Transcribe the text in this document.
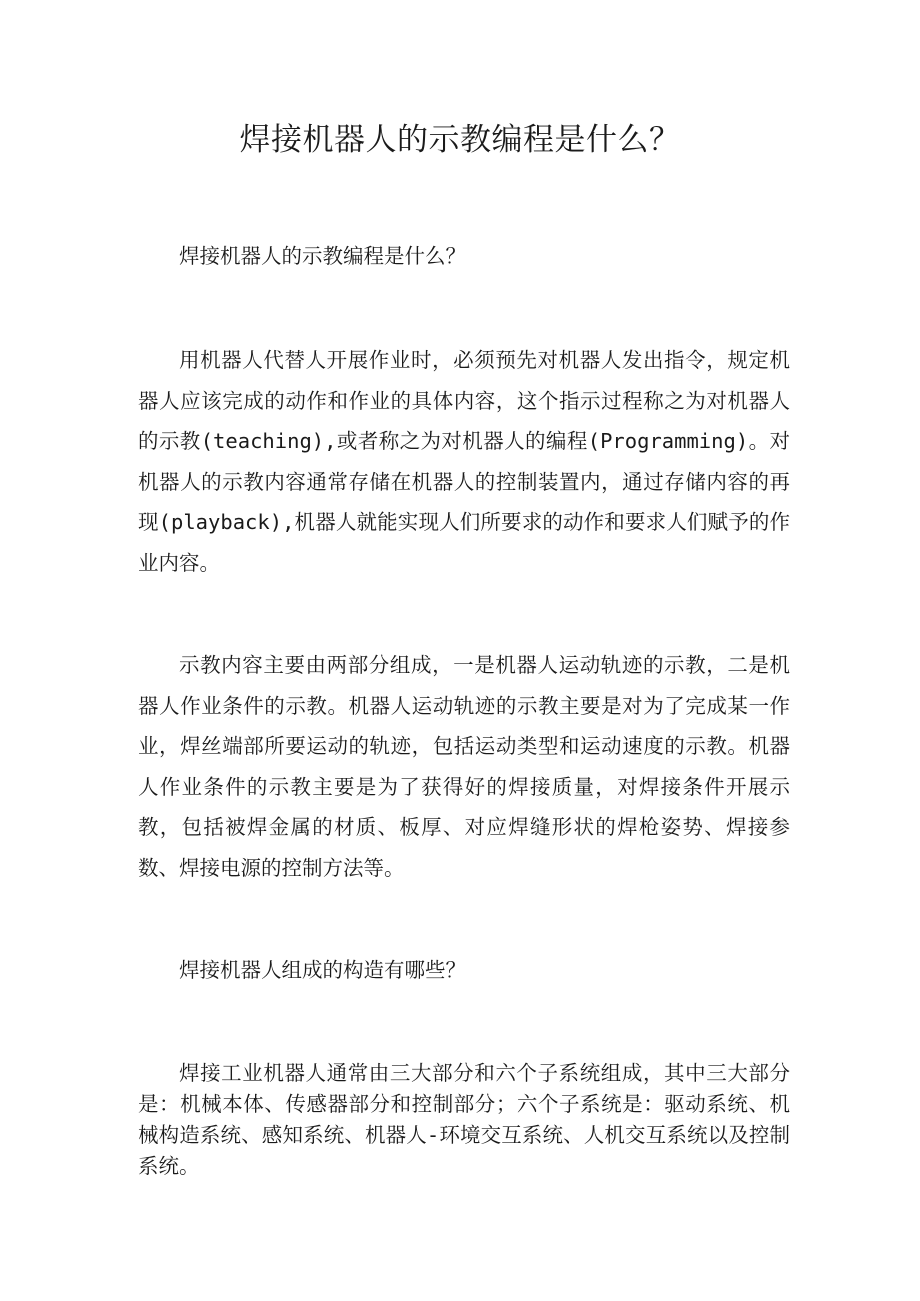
焊接机器人的示教编程是什么？

焊接机器人的示教编程是什么？

用机器人代替人开展作业时，必须预先对机器人发出指令，规定机器人应该完成的动作和作业的具体内容，这个指示过程称之为对机器人的示教(teaching),或者称之为对机器人的编程(Programming)。对机器人的示教内容通常存储在机器人的控制装置内，通过存储内容的再现(playback),机器人就能实现人们所要求的动作和要求人们赋予的作业内容。

示教内容主要由两部分组成，一是机器人运动轨迹的示教，二是机器人作业条件的示教。机器人运动轨迹的示教主要是对为了完成某一作业，焊丝端部所要运动的轨迹，包括运动类型和运动速度的示教。机器人作业条件的示教主要是为了获得好的焊接质量，对焊接条件开展示教，包括被焊金属的材质、板厚、对应焊缝形状的焊枪姿势、焊接参数、焊接电源的控制方法等。

焊接机器人组成的构造有哪些？

焊接工业机器人通常由三大部分和六个子系统组成，其中三大部分是：机械本体、传感器部分和控制部分；六个子系统是：驱动系统、机械构造系统、感知系统、机器人-环境交互系统、人机交互系统以及控制系统。
